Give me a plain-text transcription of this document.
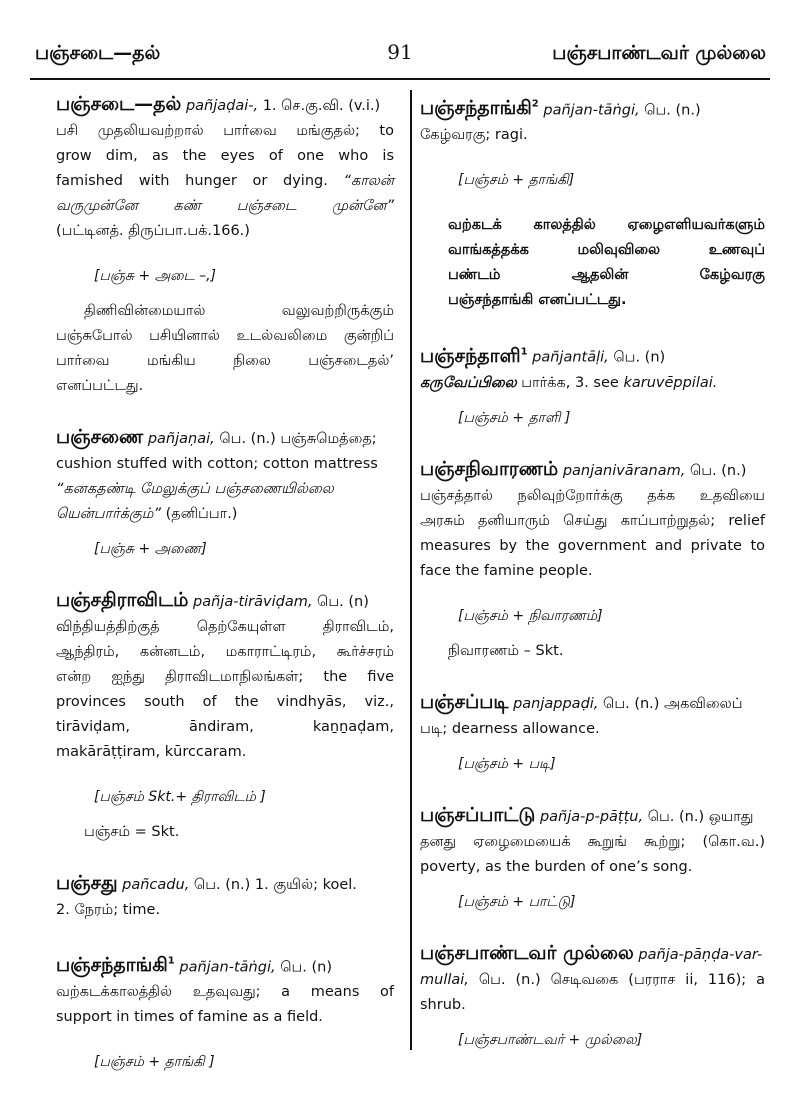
பஞ்சடை—தல்	91	பஞ்சபாண்டவர் முல்லை
பஞ்சடை—தல் pañjaḍai-, 1. செ.கு.வி. (v.i.)
பசி முதலியவற்றால் பார்வை மங்குதல்; to
grow dim, as the eyes of one who is
famished with hunger or dying. “காலன்
வருமுன்னே கண் பஞ்சடை முன்னே”
(பட்டினத். திருப்பா.பக்.166.)
[பஞ்சு + அடை –,]
திணிவின்மையால் வலுவற்றிருக்கும்
பஞ்சுபோல் பசியினால் உடல்வலிமை குன்றிப்
பார்வை மங்கிய நிலை பஞ்சடைதல்’
எனப்பட்டது.
பஞ்சணை pañjaṇai, பெ. (n.) பஞ்சுமெத்தை;
cushion stuffed with cotton; cotton mattress
“கனகதண்டி மேலுக்குப் பஞ்சணையில்லை
யென்பார்க்கும்” (தனிப்பா.)
[பஞ்சு + அணை]
பஞ்சதிராவிடம் pañja-tirāviḍam, பெ. (n)
விந்தியத்திற்குத் தெற்கேயுள்ள திராவிடம்,
ஆந்திரம், கன்னடம், மகாராட்டிரம், கூர்ச்சரம்
என்ற ஐந்து திராவிடமாநிலங்கள்; the five
provinces south of the vindhyās, viz.,
tirāviḍam, āndiram, kaṉṉaḍam,
makārāṭṭiram, kūrccaram.
[பஞ்சம் Skt.+ திராவிடம் ]
பஞ்சம் = Skt.
பஞ்சது pañcadu, பெ. (n.) 1. குயில்; koel.
2. நேரம்; time.
பஞ்சந்தாங்கி$^1$ pañjan-tāṅgi, பெ. (n)
வற்கடக்காலத்தில் உதவுவது; a means of
support in times of famine as a field.
[பஞ்சம் + தாங்கி ]
பஞ்சந்தாங்கி$^2$ pañjan-tāṅgi, பெ. (n.)
கேழ்வரகு; ragi.
[பஞ்சம் + தாங்கி]
வற்கடக் காலத்தில் ஏழைஎளியவர்களும்
வாங்கத்தக்க மலிவுவிலை உணவுப்
பண்டம் ஆதலின் கேழ்வரகு
பஞ்சந்தாங்கி எனப்பட்டது.
பஞ்சந்தாளி$^1$ pañjantāḷi, பெ. (n)
கருவேப்பிலை பார்க்க, 3. see karuvēppilai.
[பஞ்சம் + தாளி ]
பஞ்சநிவாரணம் panjanivāranam, பெ. (n.)
பஞ்சத்தால் நலிவுற்றோர்க்கு தக்க உதவியை
அரசும் தனியாரும் செய்து காப்பாற்றுதல்; relief
measures by the government and private to
face the famine people.
[பஞ்சம் + நிவாரணம்]
நிவாரணம் – Skt.
பஞ்சப்படி panjappaḍi, பெ. (n.) அகவிலைப்
படி; dearness allowance.
[பஞ்சம் + படி]
பஞ்சப்பாட்டு pañja-p-pāṭṭu, பெ. (n.) ஒயாது
தனது ஏழைமையைக் கூறுங் கூற்று; (கொ.வ.)
poverty, as the burden of one’s song.
[பஞ்சம் + பாட்டு]
பஞ்சபாண்டவர் முல்லை pañja-pāṇḍa-var-
mullai, பெ. (n.) செடிவகை (பரராச ii, 116); a
shrub.
[பஞ்சபாண்டவர் + முல்லை]
